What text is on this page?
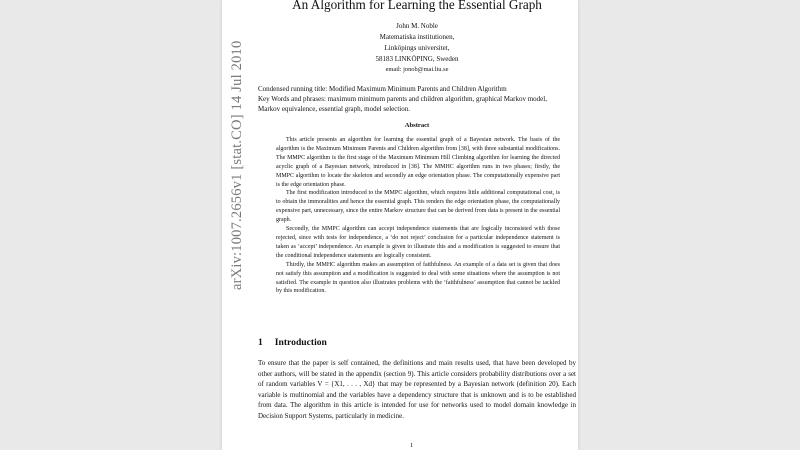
arXiv:1007.2656v1 [stat.CO] 14 Jul 2010
An Algorithm for Learning the Essential Graph
John M. Noble
Matematiska institutionen,
Linköpings universitet,
58183 LINKÖPING, Sweden
email: jonob@mai.liu.se
Condensed running title: Modified Maximum Minimum Parents and Children Algorithm
Key Words and phrases: maximum minimum parents and children algorithm, graphical Markov model,
Markov equivalence, essential graph, model selection.
Abstract

This article presents an algorithm for learning the essential graph of a Bayesian network. The basis of the algorithm is the Maximum Minimum Parents and Children algorithm from [38], with three substantial modifications. The MMPC algorithm is the first stage of the Maximum Minimum Hill Climbing algorithm for learning the directed acyclic graph of a Bayesian network, introduced in [38]. The MMHC algorithm runs in two phases; firstly, the MMPC algorithm to locate the skeleton and secondly an edge orientation phase. The computationally expensive part is the edge orientation phase.

The first modification introduced to the MMPC algorithm, which requires little additional computational cost, is to obtain the immoralities and hence the essential graph. This renders the edge orientation phase, the computationally expensive part, unnecessary, since the entire Markov structure that can be derived from data is present in the essential graph.

Secondly, the MMPC algorithm can accept independence statements that are logically inconsisted with those rejected, since with tests for independence, a ‘do not reject’ conclusion for a particular independence statement is taken as ‘accept’ independence. An example is given to illustrate this and a modification is suggested to ensure that the conditional independence statements are logically consistent.

Thirdly, the MMHC algorithm makes an assumption of faithfulness. An example of a data set is given that does not satisfy this assumption and a modification is suggested to deal with some situations where the assumption is not satisfied. The example in question also illustrates problems with the ‘faithfulness’ assumption that cannot be tackled by this modification.

1 Introduction

To ensure that the paper is self contained, the definitions and main results used, that have been developed by other authors, will be stated in the appendix (section 9). This article considers probability distributions over a set of random variables V = {X1, . . . , Xd} that may be represented by a Bayesian network (definition 20). Each variable is multinomial and the variables have a dependency structure that is unknown and is to be established from data. The algorithm in this article is intended for use for networks used to model domain knowledge in Decision Support Systems, particularly in medicine.

1
